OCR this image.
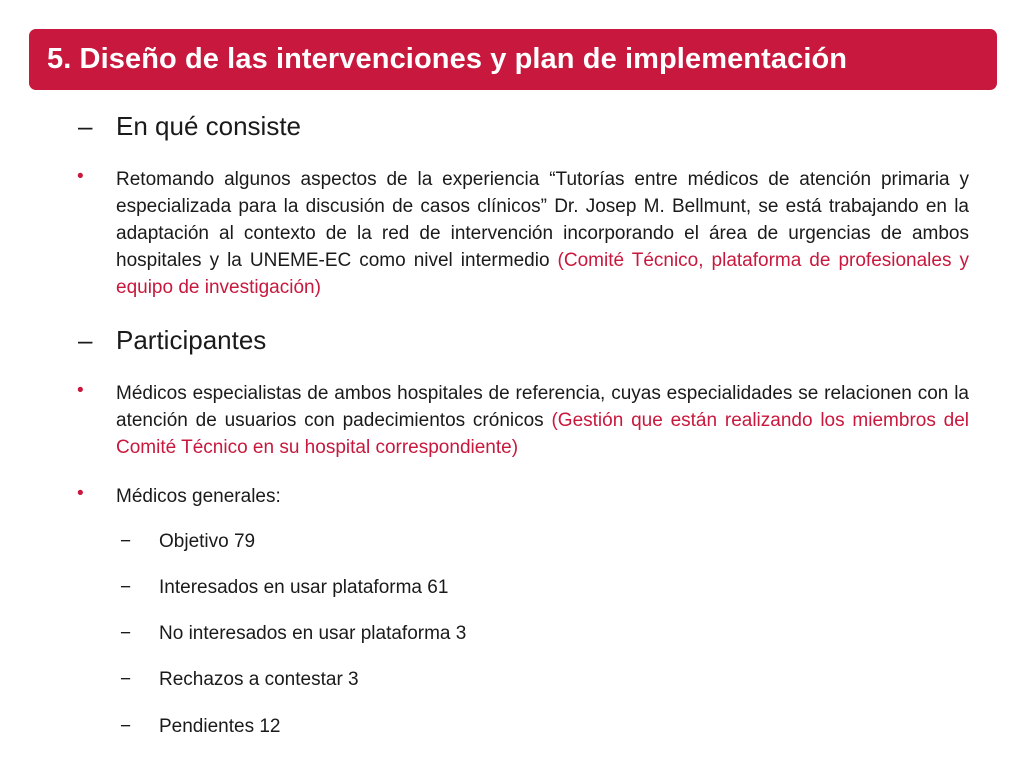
5. Diseño de las intervenciones y plan de implementación
– En qué consiste
• Retomando algunos aspectos de la experiencia “Tutorías entre médicos de atención primaria y especializada para la discusión de casos clínicos” Dr. Josep M. Bellmunt, se está trabajando en la adaptación al contexto de la red de intervención incorporando el área de urgencias de ambos hospitales y la UNEME-EC como nivel intermedio (Comité Técnico, plataforma de profesionales y equipo de investigación)
– Participantes
• Médicos especialistas de ambos hospitales de referencia, cuyas especialidades se relacionen con la atención de usuarios con padecimientos crónicos (Gestión que están realizando los miembros del Comité Técnico en su hospital correspondiente)
• Médicos generales:
− Objetivo 79
− Interesados en usar plataforma 61
− No interesados en usar plataforma 3
− Rechazos a contestar 3
− Pendientes 12
